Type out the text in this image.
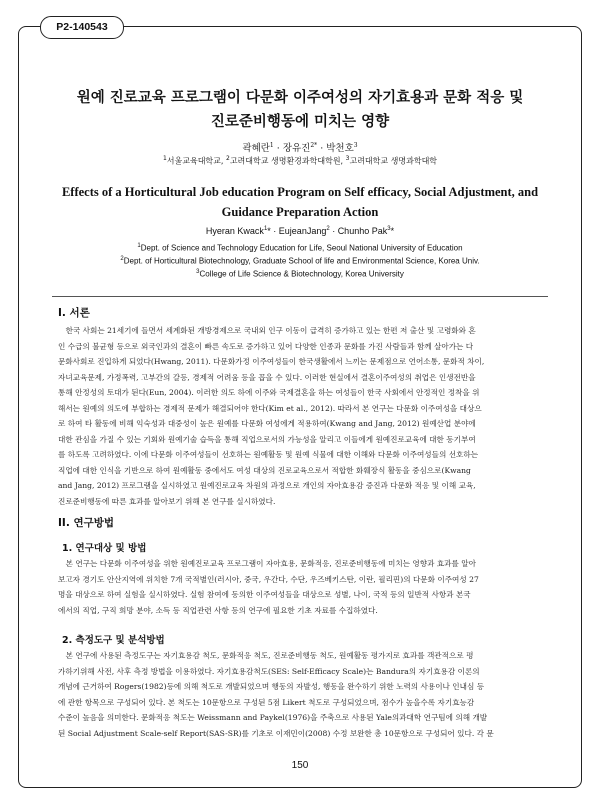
P2-140543
원예 진로교육 프로그램이 다문화 이주여성의 자기효용과 문화 적응 및
진로준비행동에 미치는 영향
곽혜란$^1$ · 장유진$^{2*}$ · 박천호$^3$
$^1$서울교육대학교, $^2$고려대학교 생명환경과학대학원, $^3$고려대학교 생명과학대학
Effects of a Horticultural Job education Program on Self efficacy, Social Adjustment, and
Guidance Preparation Action
Hyeran Kwack$^1$* · EujeanJang$^2$ · Chunho Pak$^3$*
$^1$Dept. of Science and Technology Education for Life, Seoul National University of Education
$^2$Dept. of Horticultural Biotechnology, Graduate School of life and Environmental Science, Korea Univ.
$^3$College of Life Science & Biotechnology, Korea University
I. 서론
　한국 사회는 21세기에 들면서 세계화된 개방경제으로 국내외 인구 이동이 급격히 증가하고 있는 한편 저 출산 및 고령화와 혼
인 수급의 불균형 등으로 외국인과의 결혼이 빠른 속도로 증가하고 있어 다양한 인종과 문화를 가진 사람들과 함께 살아가는 다
문화사회로 진입하게 되었다(Hwang, 2011). 다문화가정 이주여성들이 한국생활에서 느끼는 문제점으로 언어소통, 문화적 차이,
자녀교육문제, 가정폭력, 고부간의 갈등, 경제적 어려움 등을 꼽을 수 있다. 이러한 현실에서 결혼이주여성의 취업은 인생전반을
통해 안정성의 토대가 된다(Eun, 2004). 이러한 의도 하에 이주와 국제결혼을 하는 여성들이 한국 사회에서 안정적인 정착을 위
해서는 원예의 의도에 부합하는 경제적 문제가 해결되어야 한다(Kim et al., 2012). 따라서 본 연구는 다문화 이주여성을 대상으
로 하여 타 활동에 비해 익숙성과 대중성이 높은 원예를 다문화 여성에게 적용하여(Kwang and Jang, 2012) 원예산업 분야에
대한 관심을 가질 수 있는 기회와 원예기술 습득을 통해 직업으로서의 가능성을 알리고 이들에게 원예진로교육에 대한 동기부여
를 하도록 고려하였다. 이에 다문화 이주여성들이 선호하는 원예활동 및 원예 식물에 대한 이해와 다문화 이주여성들의 선호하는
직업에 대한 인식을 기반으로 하여 원예활동 중에서도 여성 대상의 진로교육으로서 적합한 화훼장식 활동을 중심으로(Kwang
and Jang, 2012) 프로그램을 실시하였고 원예진로교육 차원의 과정으로 개인의 자아효용감 증진과 다문화 적응 및 이해 교육,
진로준비행동에 따른 효과를 알아보기 위해 본 연구를 실시하였다.
II. 연구방법
1. 연구대상 및 방법
　본 연구는 다문화 이주여성을 위한 원예진로교육 프로그램이 자아효용, 문화적응, 진로준비행동에 미치는 영향과 효과를 알아
보고자 경기도 안산지역에 위치한 7개 국적별인(러시아, 중국, 우간다, 수단, 우즈베키스탄, 이란, 필리핀)의 다문화 이주여성 27
명을 대상으로 하여 실험을 실시하였다. 실험 참여에 동의한 이주여성들을 대상으로 성별, 나이, 국적 등의 일반적 사항과 본국
에서의 직업, 구직 희망 분야, 소득 등 직업관련 사항 등의 연구에 필요한 기초 자료를 수집하였다.
2. 측정도구 및 분석방법
　본 연구에 사용된 측정도구는 자기효용감 척도, 문화적응 척도, 진로준비행동 척도, 원예활동 평가지로 효과를 객관적으로 평
가하기위해 사전, 사후 측정 방법을 이용하였다. 자기효용감척도(SES: Self-Efficacy Scale)는 Bandura의 자기효용감 이론의
개념에 근거하여 Rogers(1982)등에 의해 척도로 개발되었으며 행동의 자발성, 행동을 완수하기 위한 노력의 사용이나 인내심 등
에 관한 항목으로 구성되어 있다. 본 척도는 10문항으로 구성된 5점 Likert 척도로 구성되었으며, 점수가 높을수록 자기효능감
수준이 높음을 의미한다. 문화적응 척도는 Weissmann and Paykel(1976)을 주축으로 사용된 Yale의과대학 연구팀에 의해 개발
된 Social Adjustment Scale-self Report(SAS-SR)를 기초로 이재민이(2008) 수정 보완한 총 10문항으로 구성되어 있다. 각 문
150
